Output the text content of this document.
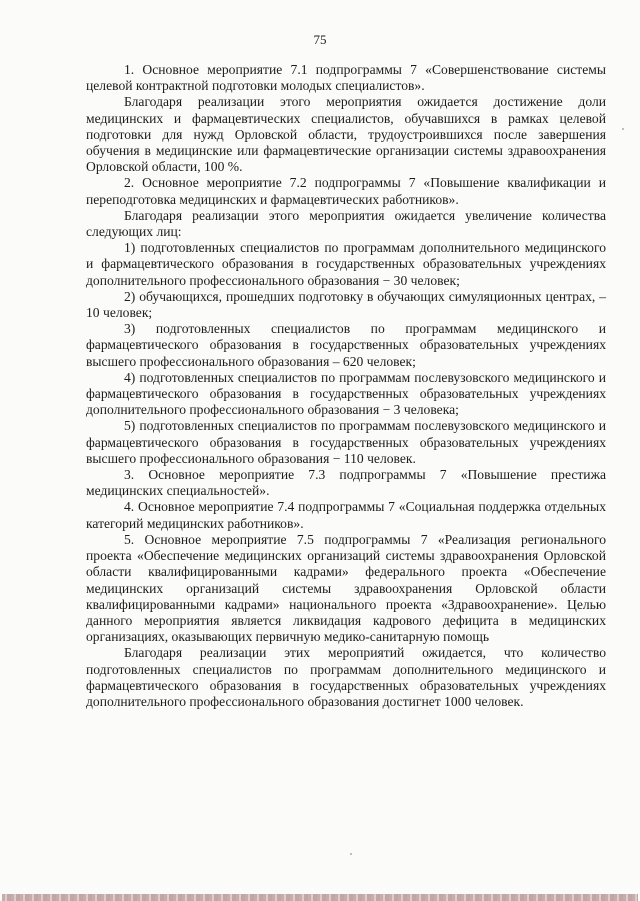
75

1. Основное мероприятие 7.1 подпрограммы 7 «Совершенствование системы целевой контрактной подготовки молодых специалистов».

Благодаря реализации этого мероприятия ожидается достижение доли медицинских и фармацевтических специалистов, обучавшихся в рамках целевой подготовки для нужд Орловской области, трудоустроившихся после завершения обучения в медицинские или фармацевтические организации системы здравоохранения Орловской области, 100 %.

2. Основное мероприятие 7.2 подпрограммы 7 «Повышение квалификации и переподготовка медицинских и фармацевтических работников».

Благодаря реализации этого мероприятия ожидается увеличение количества следующих лиц:

1) подготовленных специалистов по программам дополнительного медицинского и фармацевтического образования в государственных образовательных учреждениях дополнительного профессионального образования − 30 человек;

2) обучающихся, прошедших подготовку в обучающих симуляционных центрах, – 10 человек;

3) подготовленных специалистов по программам медицинского и фармацевтического образования в государственных образовательных учреждениях высшего профессионального образования – 620 человек;

4) подготовленных специалистов по программам послевузовского медицинского и фармацевтического образования в государственных образовательных учреждениях дополнительного профессионального образования − 3 человека;

5) подготовленных специалистов по программам послевузовского медицинского и фармацевтического образования в государственных образовательных учреждениях высшего профессионального образования − 110 человек.

3. Основное мероприятие 7.3 подпрограммы 7 «Повышение престижа медицинских специальностей».

4. Основное мероприятие 7.4 подпрограммы 7 «Социальная поддержка отдельных категорий медицинских работников».

5. Основное мероприятие 7.5 подпрограммы 7 «Реализация регионального проекта «Обеспечение медицинских организаций системы здравоохранения Орловской области квалифицированными кадрами» федерального проекта «Обеспечение медицинских организаций системы здравоохранения Орловской области квалифицированными кадрами» национального проекта «Здравоохранение». Целью данного мероприятия является ликвидация кадрового дефицита в медицинских организациях, оказывающих первичную медико-санитарную помощь

Благодаря реализации этих мероприятий ожидается, что количество подготовленных специалистов по программам дополнительного медицинского и фармацевтического образования в государственных образовательных учреждениях дополнительного профессионального образования достигнет 1000 человек.
